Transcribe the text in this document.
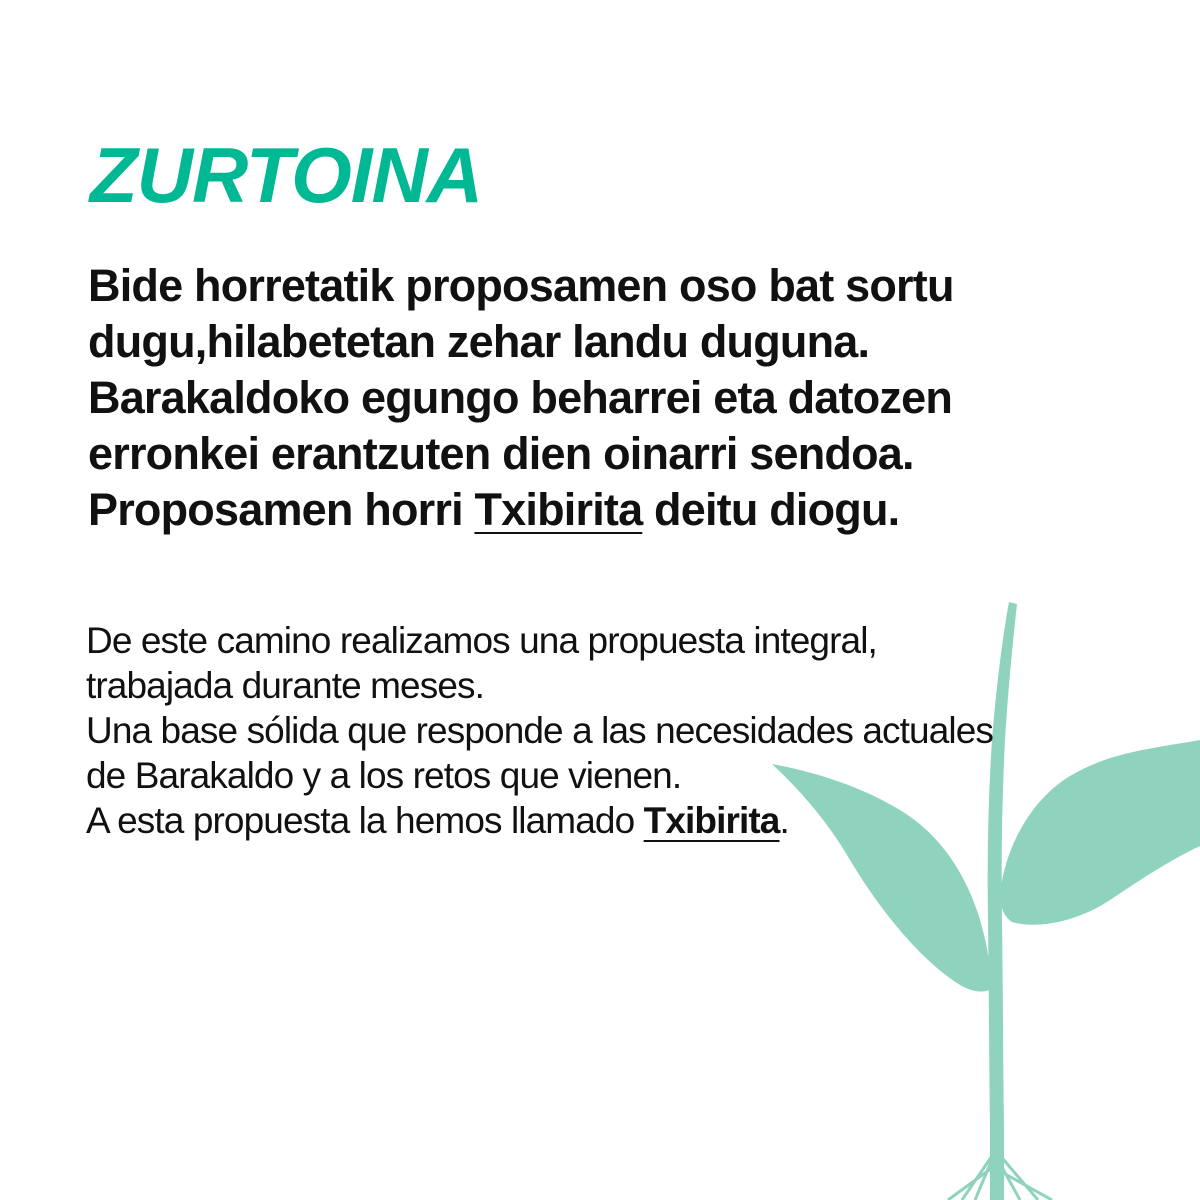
ZURTOINA

Bide horretatik proposamen oso bat sortu
dugu,hilabetetan zehar landu duguna.
Barakaldoko egungo beharrei eta datozen
erronkei erantzuten dien oinarri sendoa.
Proposamen horri Txibirita deitu diogu.

De este camino realizamos una propuesta integral,
trabajada durante meses.
Una base sólida que responde a las necesidades actuales
de Barakaldo y a los retos que vienen.
A esta propuesta la hemos llamado Txibirita.
